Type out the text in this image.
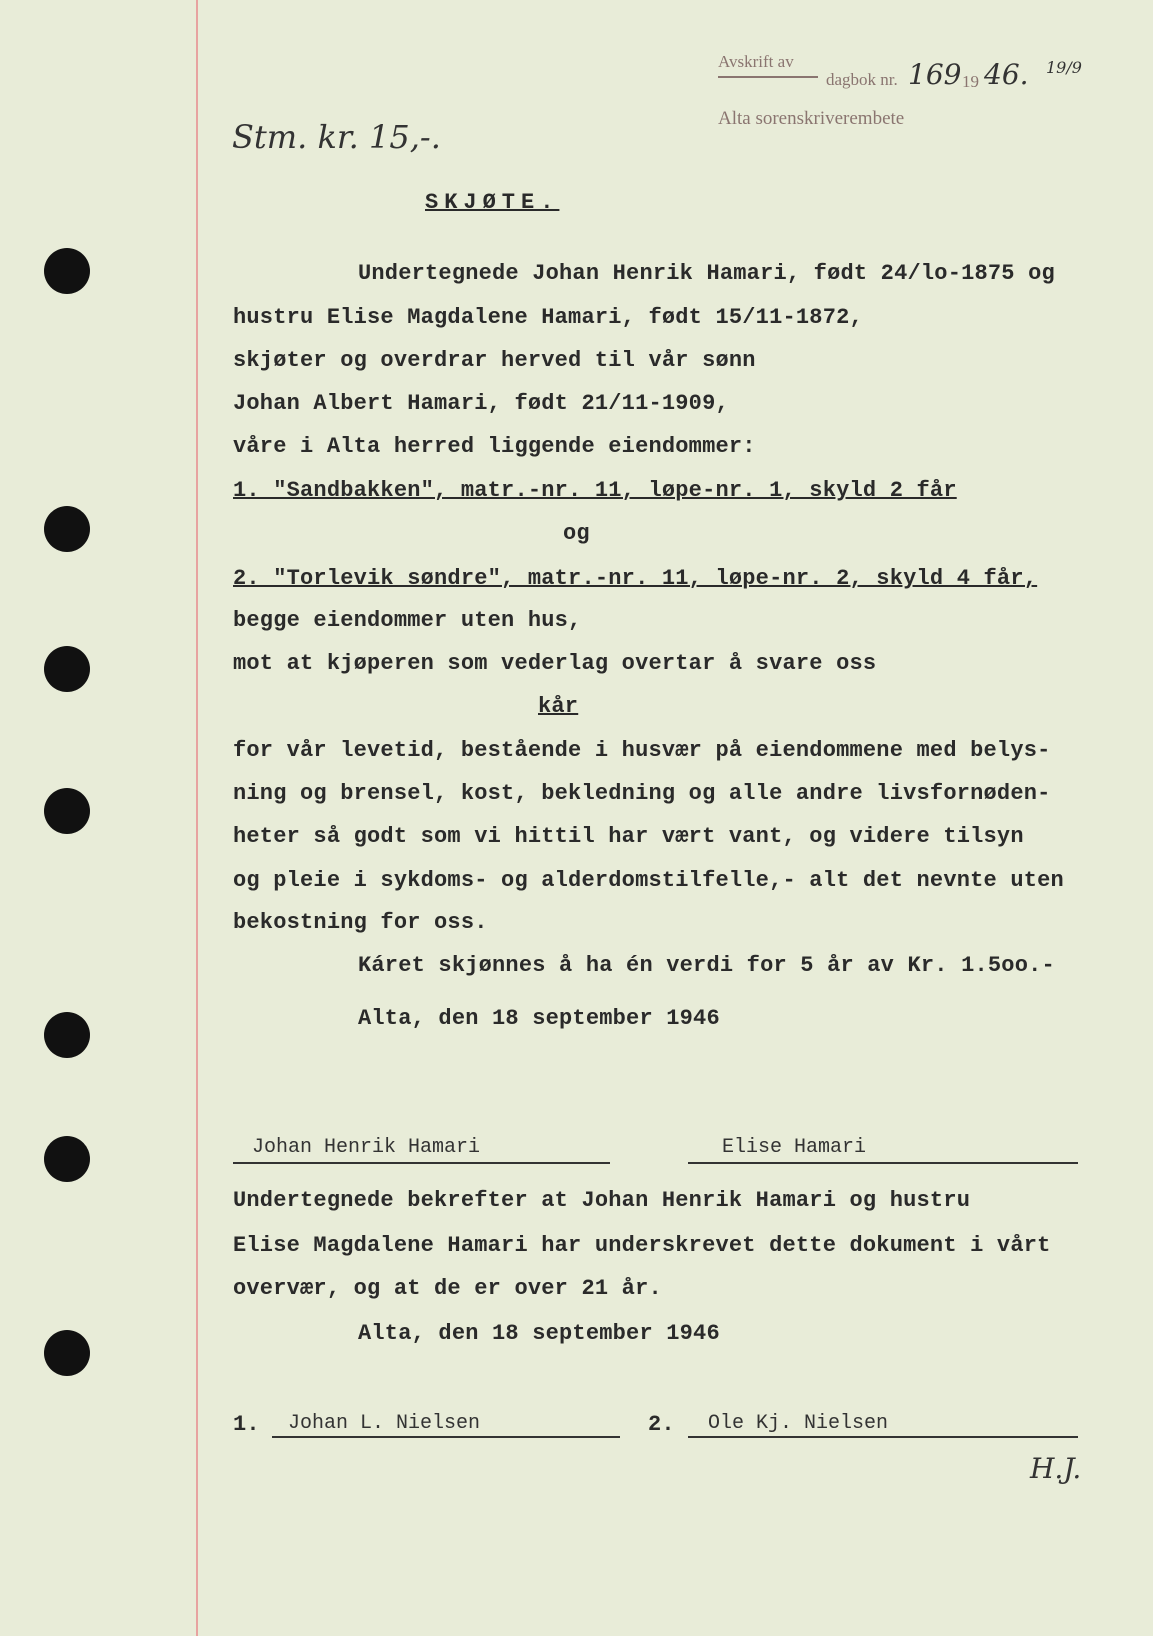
Avskrift av
dagbok nr. 169 19 46. 19/9
Alta sorenskriverembete
Stm. kr. 15,-.
SKJØTE.
Undertegnede Johan Henrik Hamari, født 24/lo-1875 og
hustru Elise Magdalene Hamari, født 15/11-1872,
skjøter og overdrar herved til vår sønn
Johan Albert Hamari, født 21/11-1909,
våre i Alta herred liggende eiendommer:
1. "Sandbakken", matr.-nr. 11, løpe-nr. 1, skyld 2 får
og
2. "Torlevik søndre", matr.-nr. 11, løpe-nr. 2, skyld 4 får,
begge eiendommer uten hus,
mot at kjøperen som vederlag overtar å svare oss
kår
for vår levetid, bestående i husvær på eiendommene med belys-
ning og brensel, kost, bekledning og alle andre livsfornøden-
heter så godt som vi hittil har vært vant, og videre tilsyn
og pleie i sykdoms- og alderdomstilfelle,- alt det nevnte uten
bekostning for oss.
Káret skjønnes å ha én verdi for 5 år av Kr. 1.5oo.-
Alta, den 18 september 1946
Johan Henrik Hamari	Elise Hamari
Undertegnede bekrefter at Johan Henrik Hamari og hustru
Elise Magdalene Hamari har underskrevet dette dokument i vårt
overvær, og at de er over 21 år.
Alta, den 18 september 1946
1. Johan L. Nielsen	2. Ole Kj. Nielsen
H.J.
